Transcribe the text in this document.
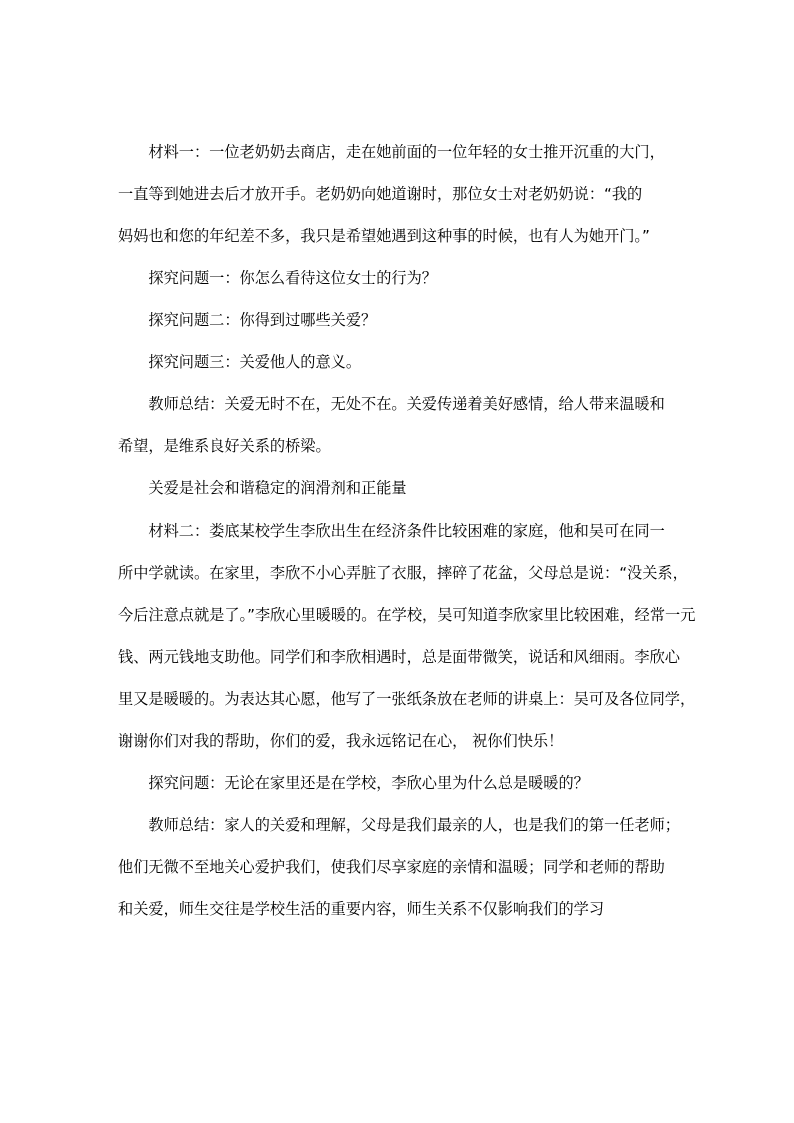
　　材料一：一位老奶奶去商店，走在她前面的一位年轻的女士推开沉重的大门，
一直等到她进去后才放开手。老奶奶向她道谢时，那位女士对老奶奶说：“我的
妈妈也和您的年纪差不多，我只是希望她遇到这种事的时候，也有人为她开门。”
　　探究问题一：你怎么看待这位女士的行为？
　　探究问题二：你得到过哪些关爱？
　　探究问题三：关爱他人的意义。
　　教师总结：关爱无时不在，无处不在。关爱传递着美好感情，给人带来温暖和
希望，是维系良好关系的桥梁。
　　关爱是社会和谐稳定的润滑剂和正能量
　　材料二：娄底某校学生李欣出生在经济条件比较困难的家庭，他和吴可在同一
所中学就读。在家里，李欣不小心弄脏了衣服，摔碎了花盆，父母总是说：“没关系，
今后注意点就是了。”李欣心里暖暖的。在学校，吴可知道李欣家里比较困难，经常一元
钱、两元钱地支助他。同学们和李欣相遇时，总是面带微笑，说话和风细雨。李欣心
里又是暖暖的。为表达其心愿，他写了一张纸条放在老师的讲桌上：吴可及各位同学，
谢谢你们对我的帮助，你们的爱，我永远铭记在心， 祝你们快乐！
　　探究问题：无论在家里还是在学校，李欣心里为什么总是暖暖的？
　　教师总结：家人的关爱和理解，父母是我们最亲的人，也是我们的第一任老师；
他们无微不至地关心爱护我们，使我们尽享家庭的亲情和温暖；同学和老师的帮助
和关爱，师生交往是学校生活的重要内容，师生关系不仅影响我们的学习
